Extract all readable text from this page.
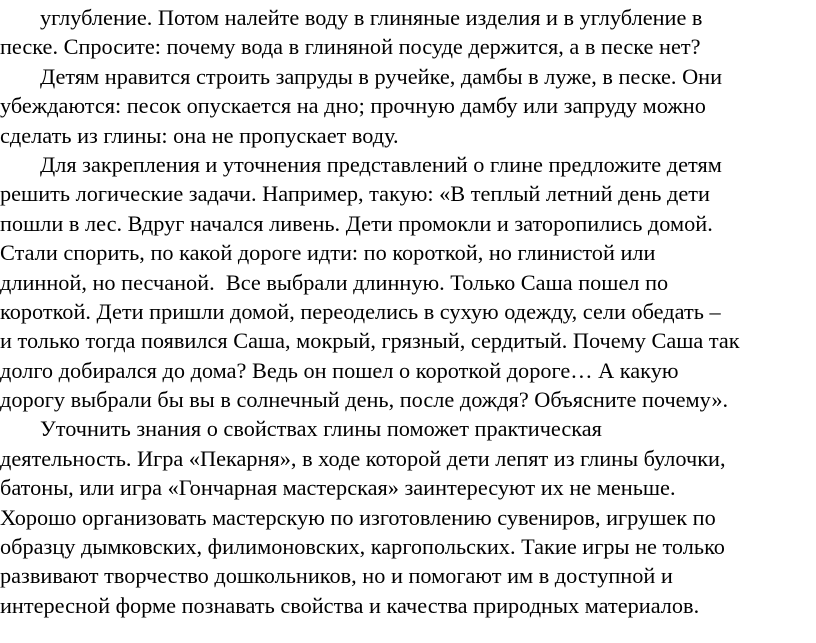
углубление. Потом налейте воду в глиняные изделия и в углубление в
песке. Спросите: почему вода в глиняной посуде держится, а в песке нет?
Детям нравится строить запруды в ручейке, дамбы в луже, в песке. Они
убеждаются: песок опускается на дно; прочную дамбу или запруду можно
сделать из глины: она не пропускает воду.
Для закрепления и уточнения представлений о глине предложите детям
решить логические задачи. Например, такую: «В теплый летний день дети
пошли в лес. Вдруг начался ливень. Дети промокли и заторопились домой.
Стали спорить, по какой дороге идти: по короткой, но глинистой или
длинной, но песчаной.  Все выбрали длинную. Только Саша пошел по
короткой. Дети пришли домой, переоделись в сухую одежду, сели обедать –
и только тогда появился Саша, мокрый, грязный, сердитый. Почему Саша так
долго добирался до дома? Ведь он пошел о короткой дороге… А какую
дорогу выбрали бы вы в солнечный день, после дождя? Объясните почему».
Уточнить знания о свойствах глины поможет практическая
деятельность. Игра «Пекарня», в ходе которой дети лепят из глины булочки,
батоны, или игра «Гончарная мастерская» заинтересуют их не меньше.
Хорошо организовать мастерскую по изготовлению сувениров, игрушек по
образцу дымковских, филимоновских, каргопольских. Такие игры не только
развивают творчество дошкольников, но и помогают им в доступной и
интересной форме познавать свойства и качества природных материалов.
